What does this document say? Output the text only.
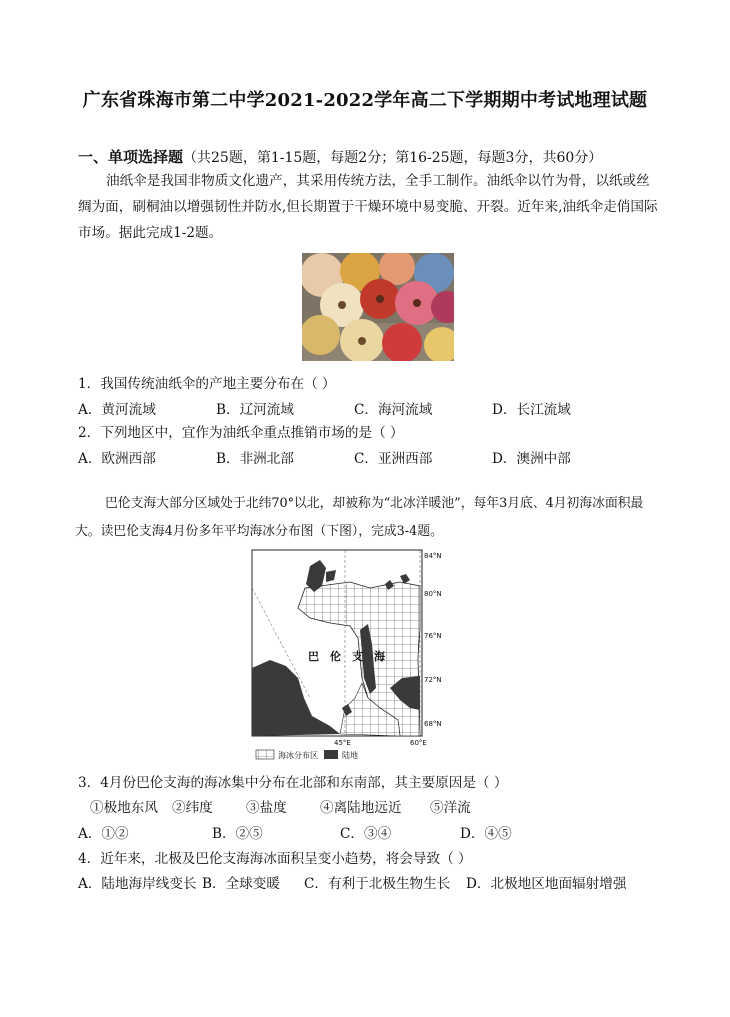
广东省珠海市第二中学2021-2022学年高二下学期期中考试地理试题
一、单项选择题（共25题，第1-15题，每题2分；第16-25题，每题3分，共60分）
油纸伞是我国非物质文化遗产，其采用传统方法，全手工制作。油纸伞以竹为骨，以纸或丝绸为面，刷桐油以增强韧性并防水,但长期置于干燥环境中易变脆、开裂。近年来,油纸伞走俏国际市场。据此完成1-2题。
1．我国传统油纸伞的产地主要分布在（ ）
A．黄河流域	B．辽河流域	C．海河流域	D．长江流域
2．下列地区中，宜作为油纸伞重点推销市场的是（ ）
A．欧洲西部	B．非洲北部	C．亚洲西部	D．澳洲中部
巴伦支海大部分区域处于北纬70°以北，却被称为“北冰洋暖池”，每年3月底、4月初海冰面积最大。读巴伦支海4月份多年平均海冰分布图（下图），完成3-4题。
巴　伦　支　海
84°N
80°N
76°N
72°N
68°N
45°E	60°E
海冰分布区	陆地
3．4月份巴伦支海的海冰集中分布在北部和东南部，其主要原因是（ ）
①极地东风 ②纬度 ③盐度 ④离陆地远近 ⑤洋流
A．①②	B．②⑤	C．③④	D．④⑤
4．近年来，北极及巴伦支海海冰面积呈变小趋势，将会导致（ ）
A．陆地海岸线变长 B．全球变暖 C．有利于北极生物生长 D．北极地区地面辐射增强
